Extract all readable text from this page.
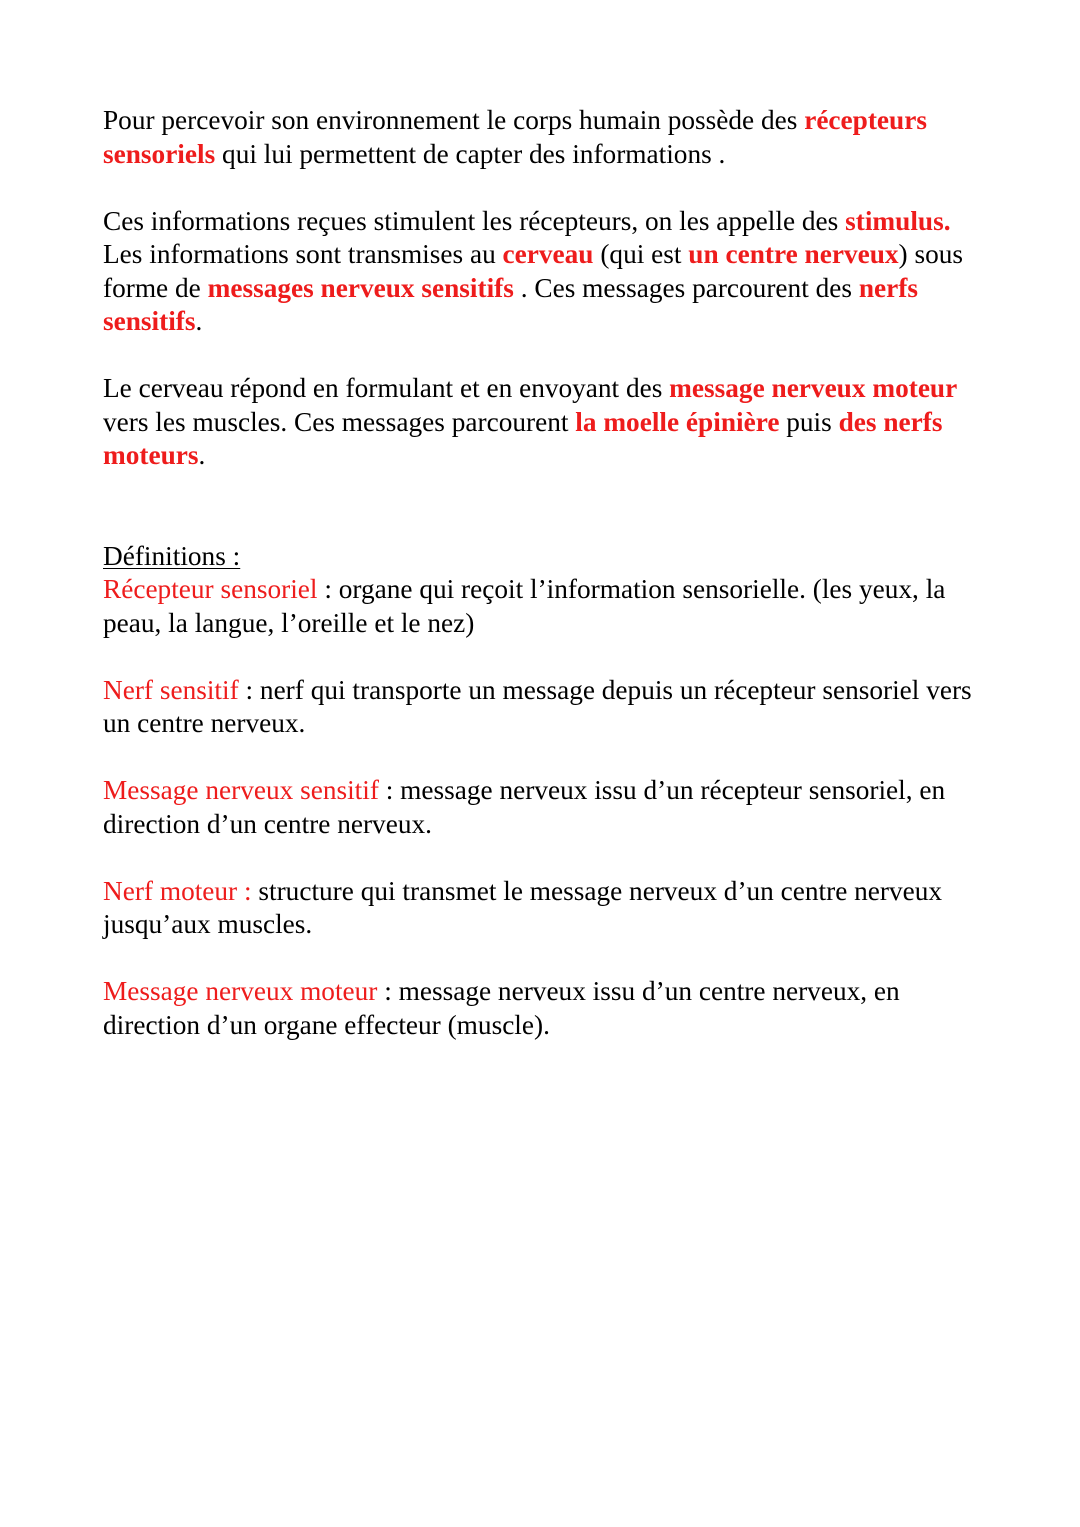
Pour percevoir son environnement le corps humain possède des récepteurs sensoriels qui lui permettent de capter des informations .

Ces informations reçues stimulent les récepteurs, on les appelle des stimulus. Les informations sont transmises au cerveau (qui est un centre nerveux) sous forme de messages nerveux sensitifs . Ces messages parcourent des nerfs sensitifs.

Le cerveau répond en formulant et en envoyant des message nerveux moteur vers les muscles. Ces messages parcourent la moelle épinière puis des nerfs moteurs.

Définitions :

Récepteur sensoriel : organe qui reçoit l’information sensorielle. (les yeux, la peau, la langue, l’oreille et le nez)

Nerf sensitif : nerf qui transporte un message depuis un récepteur sensoriel vers un centre nerveux.

Message nerveux sensitif : message nerveux issu d’un récepteur sensoriel, en direction d’un centre nerveux.

Nerf moteur : structure qui transmet le message nerveux d’un centre nerveux jusqu’aux muscles.

Message nerveux moteur : message nerveux issu d’un centre nerveux, en direction d’un organe effecteur (muscle).
